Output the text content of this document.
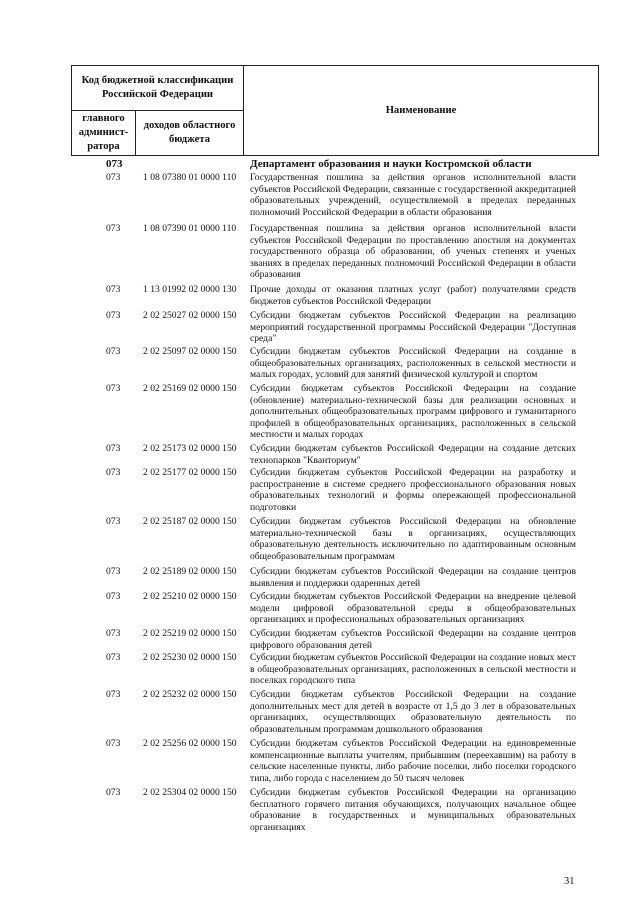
Код бюджетной классификации Российской Федерации		Наименование
главного админист-ратора	доходов областного бюджета	
073	Департамент образования и науки Костромской области
073 1 08 07380 01 0000 110 Государственная пошлина за действия органов исполнительной власти субъектов Российской Федерации, связанные с государственной аккредитацией образовательных учреждений, осуществляемой в пределах переданных полномочий Российской Федерации в области образования
073 1 08 07390 01 0000 110 Государственная пошлина за действия органов исполнительной власти субъектов Российской Федерации по проставлению апостиля на документах государственного образца об образовании, об ученых степенях и ученых званиях в пределах переданных полномочий Российской Федерации в области образования
073 1 13 01992 02 0000 130 Прочие доходы от оказания платных услуг (работ) получателями средств бюджетов субъектов Российской Федерации
073 2 02 25027 02 0000 150 Субсидии бюджетам субъектов Российской Федерации на реализацию мероприятий государственной программы Российской Федерации "Доступная среда"
073 2 02 25097 02 0000 150 Субсидии бюджетам субъектов Российской Федерации на создание в общеобразовательных организациях, расположенных в сельской местности и малых городах, условий для занятий физической культурой и спортом
073 2 02 25169 02 0000 150 Субсидии бюджетам субъектов Российской Федерации на создание (обновление) материально-технической базы для реализации основных и дополнительных общеобразовательных программ цифрового и гуманитарного профилей в общеобразовательных организациях, расположенных в сельской местности и малых городах
073 2 02 25173 02 0000 150 Субсидии бюджетам субъектов Российской Федерации на создание детских технопарков "Кванториум"
073 2 02 25177 02 0000 150 Субсидии бюджетам субъектов Российской Федерации на разработку и распространение в системе среднего профессионального образования новых образовательных технологий и формы опережающей профессиональной подготовки
073 2 02 25187 02 0000 150 Субсидии бюджетам субъектов Российской Федерации на обновление материально-технической базы в организациях, осуществляющих образовательную деятельность исключительно по адаптированным основным общеобразовательным программам
073 2 02 25189 02 0000 150 Субсидии бюджетам субъектов Российской Федерации на создание центров выявления и поддержки одаренных детей
073 2 02 25210 02 0000 150 Субсидии бюджетам субъектов Российской Федерации на внедрение целевой модели цифровой образовательной среды в общеобразовательных организациях и профессиональных образовательных организациях
073 2 02 25219 02 0000 150 Субсидии бюджетам субъектов Российской Федерации на создание центров цифрового образования детей
073 2 02 25230 02 0000 150 Субсидии бюджетам субъектов Российской Федерации на создание новых мест в общеобразовательных организациях, расположенных в сельской местности и поселках городского типа
073 2 02 25232 02 0000 150 Субсидии бюджетам субъектов Российской Федерации на создание дополнительных мест для детей в возрасте от 1,5 до 3 лет в образовательных организациях, осуществляющих образовательную деятельность по образовательным программам дошкольного образования
073 2 02 25256 02 0000 150 Субсидии бюджетам субъектов Российской Федерации на единовременные компенсационные выплаты учителям, прибывшим (переехавшим) на работу в сельские населенные пункты, либо рабочие поселки, либо поселки городского типа, либо города с населением до 50 тысяч человек
073 2 02 25304 02 0000 150 Субсидии бюджетам субъектов Российской Федерации на организацию бесплатного горячего питания обучающихся, получающих начальное общее образование в государственных и муниципальных образовательных организациях
31
